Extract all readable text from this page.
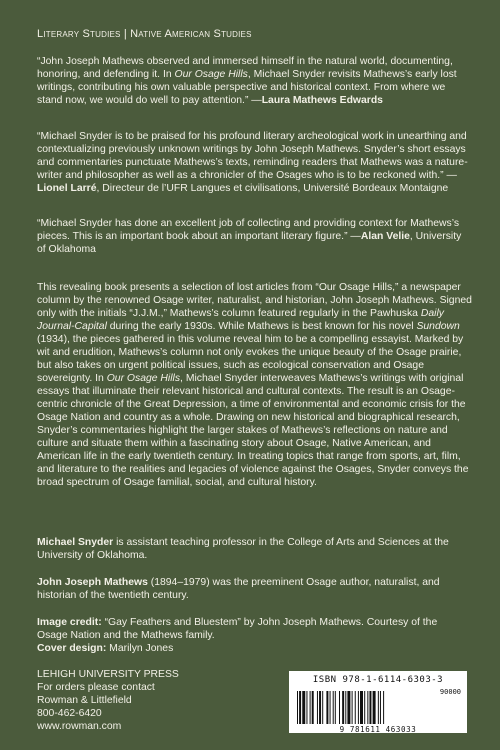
Literary Studies | Native American Studies

“John Joseph Mathews observed and immersed himself in the natural world, documenting, honoring, and defending it. In Our Osage Hills, Michael Snyder revisits Mathews’s early lost writings, contributing his own valuable perspective and historical context. From where we stand now, we would do well to pay attention.” —Laura Mathews Edwards

“Michael Snyder is to be praised for his profound literary archeological work in unearthing and contextualizing previously unknown writings by John Joseph Mathews. Snyder’s short essays and commentaries punctuate Mathews’s texts, reminding readers that Mathews was a nature-writer and philosopher as well as a chronicler of the Osages who is to be reckoned with.” —Lionel Larré, Directeur de l’UFR Langues et civilisations, Université Bordeaux Montaigne

“Michael Snyder has done an excellent job of collecting and providing context for Mathews’s pieces. This is an important book about an important literary figure.” —Alan Velie, University of Oklahoma

This revealing book presents a selection of lost articles from “Our Osage Hills,” a newspaper column by the renowned Osage writer, naturalist, and historian, John Joseph Mathews. Signed only with the initials “J.J.M.,” Mathews’s column featured regularly in the Pawhuska Daily Journal-Capital during the early 1930s. While Mathews is best known for his novel Sundown (1934), the pieces gathered in this volume reveal him to be a compelling essayist. Marked by wit and erudition, Mathews’s column not only evokes the unique beauty of the Osage prairie, but also takes on urgent political issues, such as ecological conservation and Osage sovereignty. In Our Osage Hills, Michael Snyder interweaves Mathews’s writings with original essays that illuminate their relevant historical and cultural contexts. The result is an Osage-centric chronicle of the Great Depression, a time of environmental and economic crisis for the Osage Nation and country as a whole. Drawing on new historical and biographical research, Snyder’s commentaries highlight the larger stakes of Mathews’s reflections on nature and culture and situate them within a fascinating story about Osage, Native American, and American life in the early twentieth century. In treating topics that range from sports, art, film, and literature to the realities and legacies of violence against the Osages, Snyder conveys the broad spectrum of Osage familial, social, and cultural history.

Michael Snyder is assistant teaching professor in the College of Arts and Sciences at the University of Oklahoma.

John Joseph Mathews (1894–1979) was the preeminent Osage author, naturalist, and historian of the twentieth century.

Image credit: “Gay Feathers and Bluestem” by John Joseph Mathews. Courtesy of the Osage Nation and the Mathews family.

Cover design: Marilyn Jones

LEHIGH UNIVERSITY PRESS
For orders please contact
Rowman & Littlefield
800-462-6420
www.rowman.com
ISBN 978-1-6114-6303-3
90000
9 781611 463033
